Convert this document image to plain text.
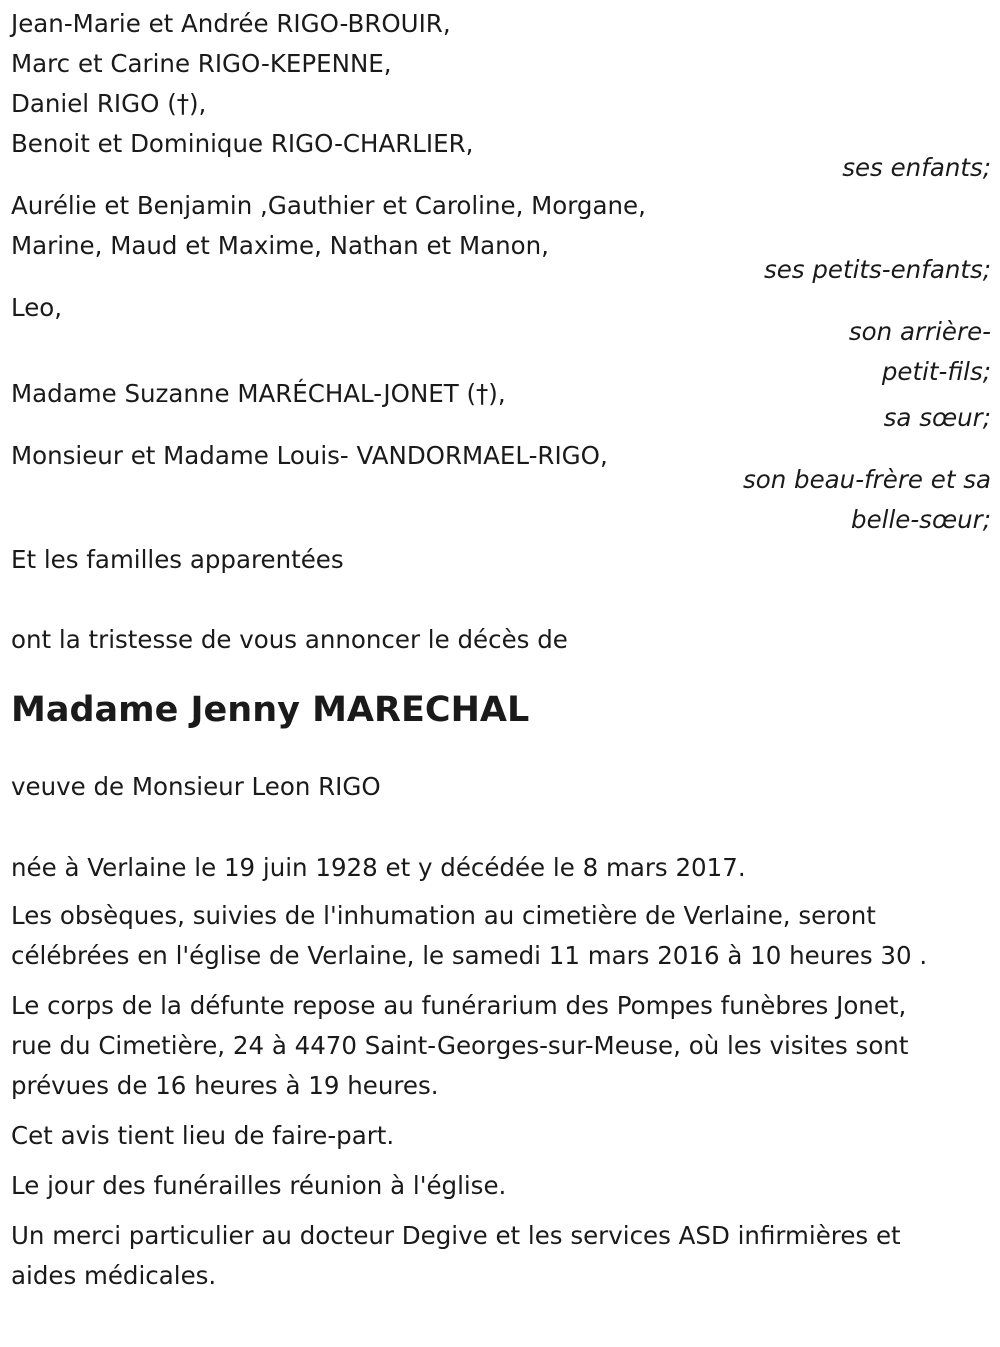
Jean-Marie et Andrée RIGO-BROUIR,
Marc et Carine RIGO-KEPENNE,
Daniel RIGO (†),
Benoit et Dominique RIGO-CHARLIER,
ses enfants;
Aurélie et Benjamin ,Gauthier et Caroline, Morgane,
Marine, Maud et Maxime, Nathan et Manon,
ses petits-enfants;
Leo,
son arrière-
petit-fils;
Madame Suzanne MARÉCHAL-JONET (†),
sa sœur;
Monsieur et Madame Louis- VANDORMAEL-RIGO,
son beau-frère et sa
belle-sœur;
Et les familles apparentées
ont la tristesse de vous annoncer le décès de
Madame Jenny MARECHAL
veuve de Monsieur Leon RIGO
née à Verlaine le 19 juin 1928 et y décédée le 8 mars 2017.
Les obsèques, suivies de l'inhumation au cimetière de Verlaine, seront
célébrées en l'église de Verlaine, le samedi 11 mars 2016 à 10 heures 30 .
Le corps de la défunte repose au funérarium des Pompes funèbres Jonet,
rue du Cimetière, 24 à 4470 Saint-Georges-sur-Meuse, où les visites sont
prévues de 16 heures à 19 heures.
Cet avis tient lieu de faire-part.
Le jour des funérailles réunion à l'église.
Un merci particulier au docteur Degive et les services ASD infirmières et
aides médicales.
